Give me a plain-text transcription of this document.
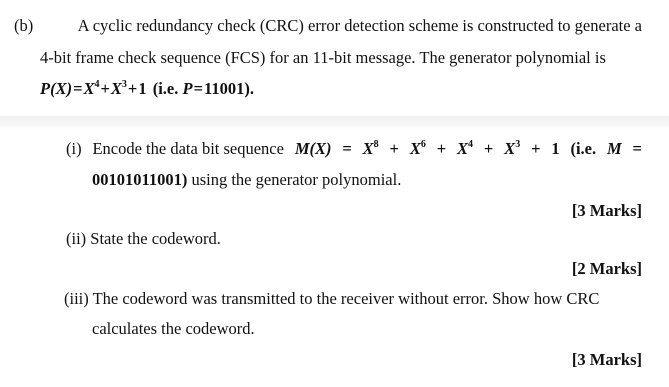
(b)	A cyclic redundancy check (CRC) error detection scheme is constructed to generate a
4-bit frame check sequence (FCS) for an 11-bit message. The generator polynomial is
$P(X)=X^4+X^3+1$ (i.e. P=11001).
(i) Encode the data bit sequence $M(X) = X^8 + X^6 + X^4 + X^3 + 1$ (i.e. M =
00101011001) using the generator polynomial.
[3 Marks]
(ii) State the codeword.
[2 Marks]
(iii) The codeword was transmitted to the receiver without error. Show how CRC
calculates the codeword.
[3 Marks]
